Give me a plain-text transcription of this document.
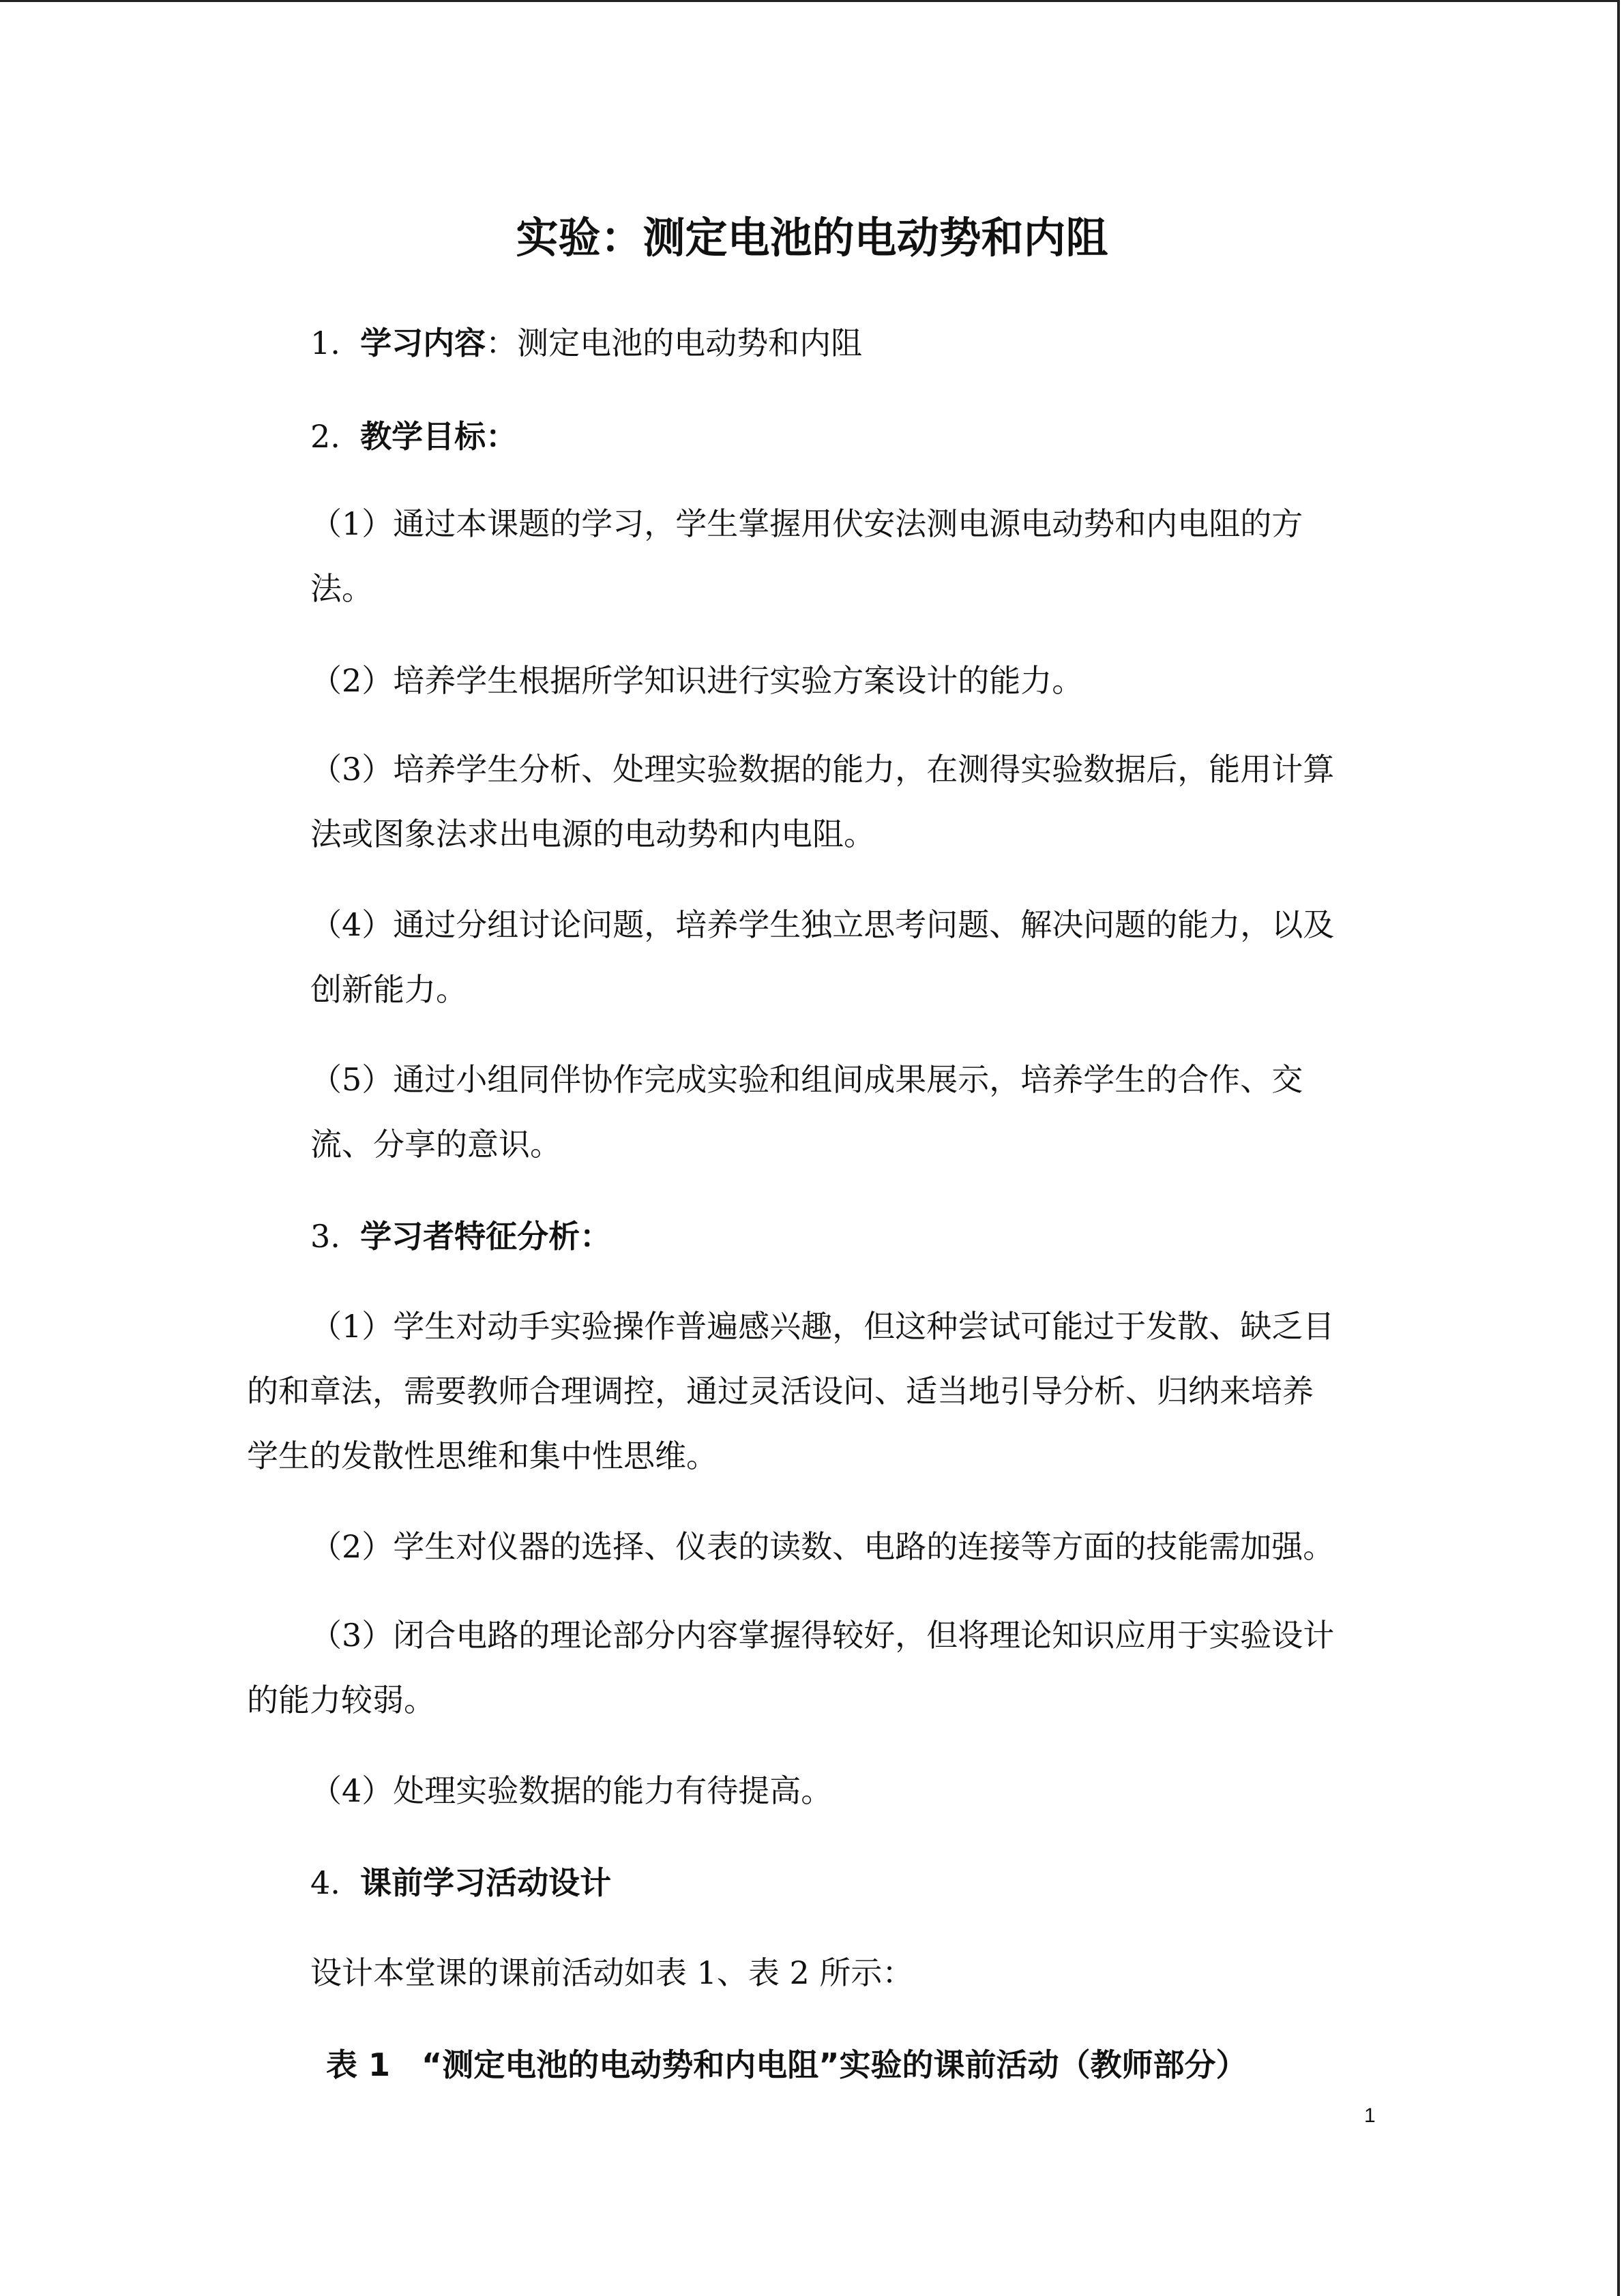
实验：测定电池的电动势和内阻
1. 学习内容：测定电池的电动势和内阻
2. 教学目标：
（1）通过本课题的学习，学生掌握用伏安法测电源电动势和内电阻的方
法。
（2）培养学生根据所学知识进行实验方案设计的能力。
（3）培养学生分析、处理实验数据的能力，在测得实验数据后，能用计算
法或图象法求出电源的电动势和内电阻。
（4）通过分组讨论问题，培养学生独立思考问题、解决问题的能力，以及
创新能力。
（5）通过小组同伴协作完成实验和组间成果展示，培养学生的合作、交
流、分享的意识。
3. 学习者特征分析：
（1）学生对动手实验操作普遍感兴趣，但这种尝试可能过于发散、缺乏目
的和章法，需要教师合理调控，通过灵活设问、适当地引导分析、归纳来培养
学生的发散性思维和集中性思维。
（2）学生对仪器的选择、仪表的读数、电路的连接等方面的技能需加强。
（3）闭合电路的理论部分内容掌握得较好，但将理论知识应用于实验设计
的能力较弱。
（4）处理实验数据的能力有待提高。
4. 课前学习活动设计
设计本堂课的课前活动如表 1、表 2 所示：
表 1　“测定电池的电动势和内电阻”实验的课前活动（教师部分）
1
